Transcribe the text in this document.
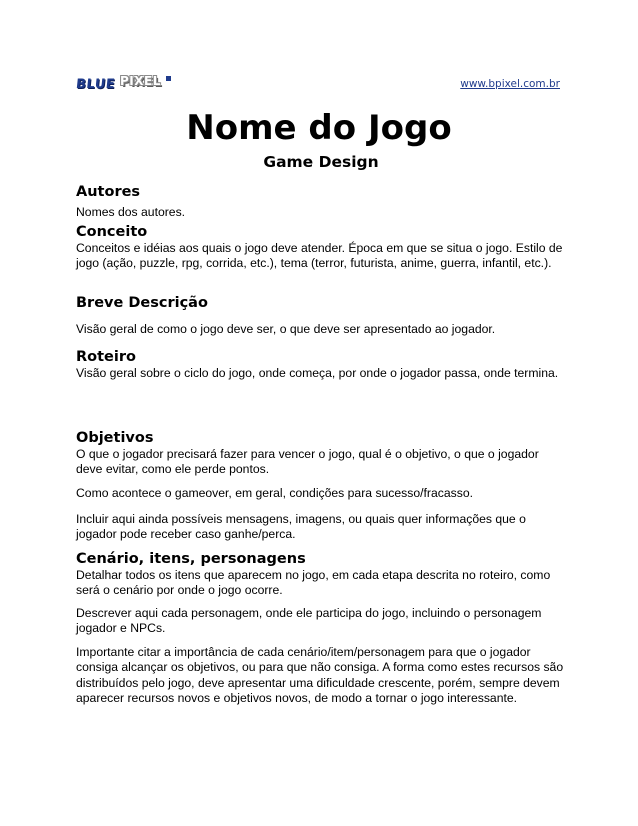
BLUE PIXEL	www.bpixel.com.br
Nome do Jogo
Game Design
Autores
Nomes dos autores.
Conceito
Conceitos e idéias aos quais o jogo deve atender. Época em que se situa o jogo. Estilo de jogo (ação, puzzle, rpg, corrida, etc.), tema (terror, futurista, anime, guerra, infantil, etc.).
Breve Descrição
Visão geral de como o jogo deve ser, o que deve ser apresentado ao jogador.
Roteiro
Visão geral sobre o ciclo do jogo, onde começa, por onde o jogador passa, onde termina.
Objetivos
O que o jogador precisará fazer para vencer o jogo, qual é o objetivo, o que o jogador deve evitar, como ele perde pontos.
Como acontece o gameover, em geral, condições para sucesso/fracasso.
Incluir aqui ainda possíveis mensagens, imagens, ou quais quer informações que o jogador pode receber caso ganhe/perca.
Cenário, itens, personagens
Detalhar todos os itens que aparecem no jogo, em cada etapa descrita no roteiro, como será o cenário por onde o jogo ocorre.
Descrever aqui cada personagem, onde ele participa do jogo, incluindo o personagem jogador e NPCs.
Importante citar a importância de cada cenário/item/personagem para que o jogador consiga alcançar os objetivos, ou para que não consiga. A forma como estes recursos são distribuídos pelo jogo, deve apresentar uma dificuldade crescente, porém, sempre devem aparecer recursos novos e objetivos novos, de modo a tornar o jogo interessante.
